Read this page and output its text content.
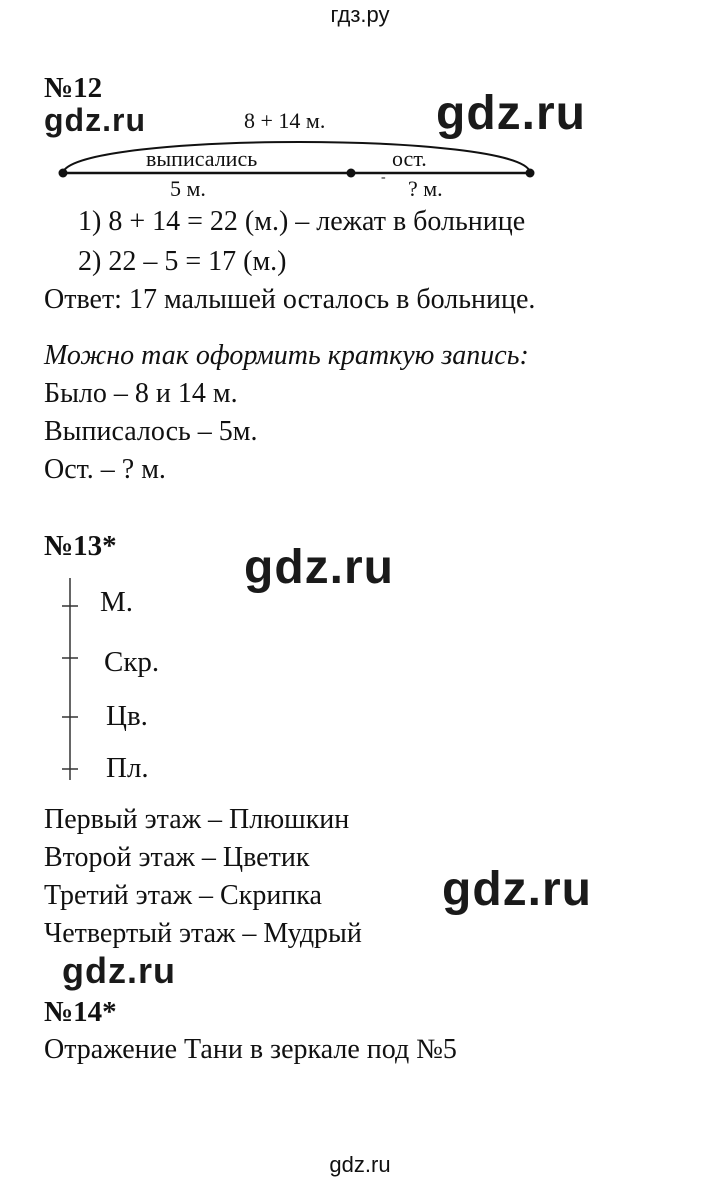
гдз.ру
№12
gdz.ru	gdz.ru
8 + 14 м.
выписались	ост.
5 м.	- ? м.
1) 8 + 14 = 22 (м.) – лежат в больнице
2) 22 – 5 = 17 (м.)
Ответ: 17 малышей осталось в больнице.
Можно так оформить краткую запись:
Было – 8 и 14 м.
Выписалось – 5м.
Ост. – ? м.
№13*	gdz.ru
М.
Скр.
Цв.
Пл.
Первый этаж – Плюшкин
Второй этаж – Цветик
Третий этаж – Скрипка
Четвертый этаж – Мудрый
gdz.ru
gdz.ru
№14*
Отражение Тани в зеркале под №5
gdz.ru
